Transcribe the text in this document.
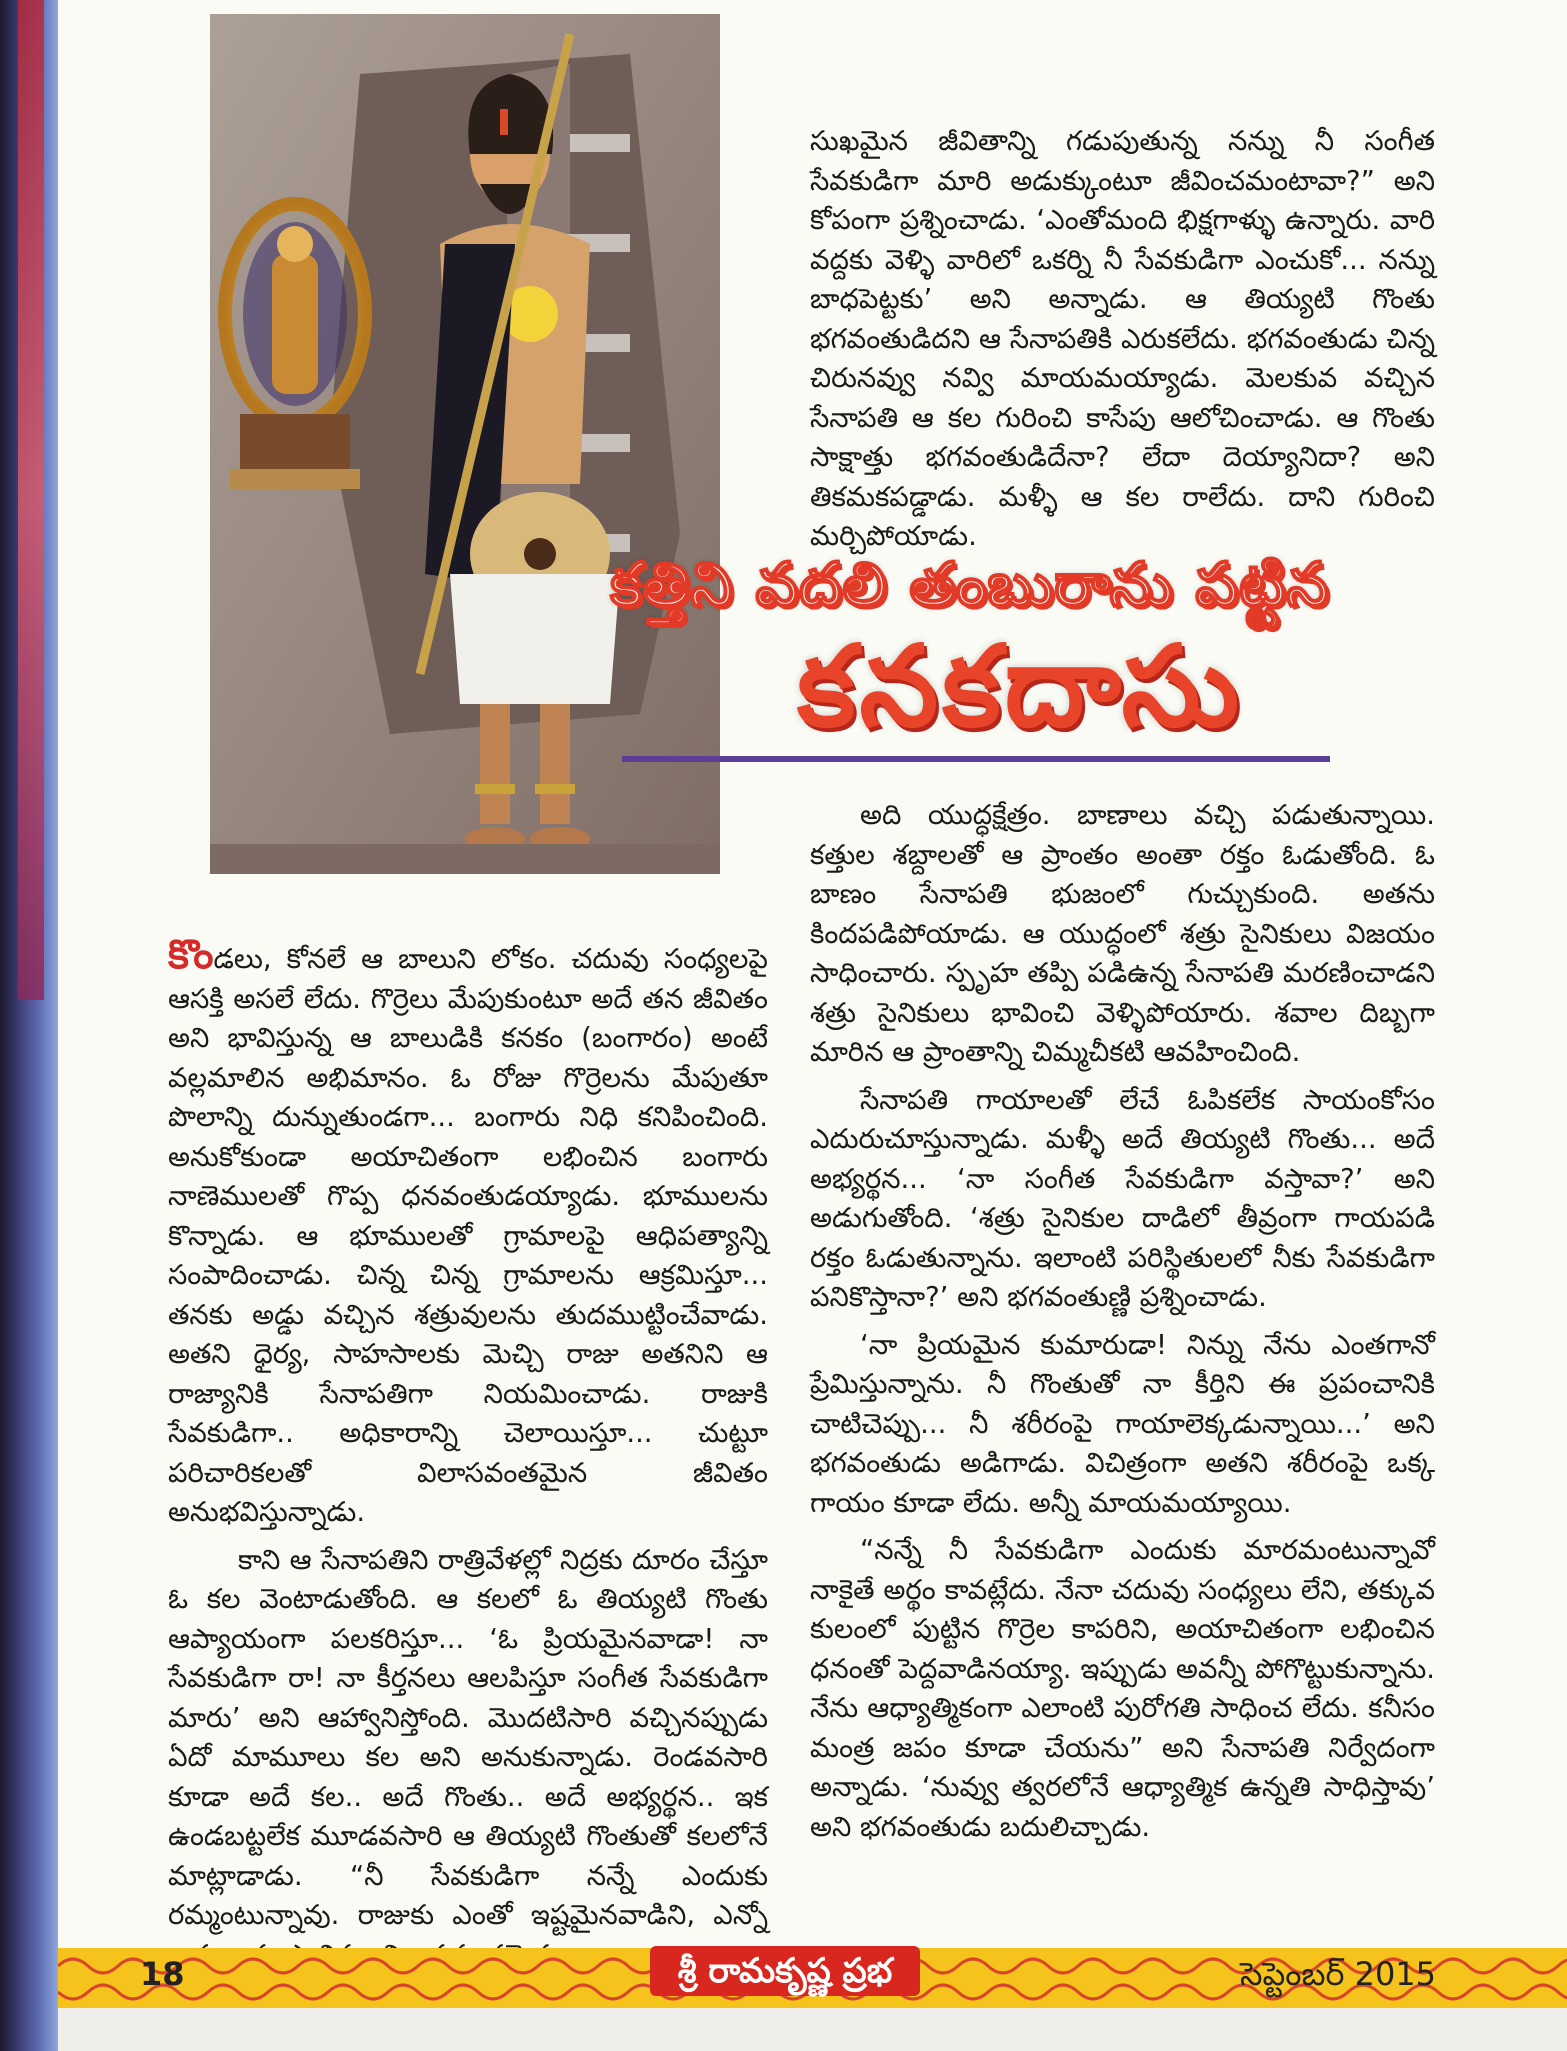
సుఖమైన జీవితాన్ని గడుపుతున్న నన్ను నీ సంగీత సేవకుడిగా మారి అడుక్కుంటూ జీవించమంటావా?” అని కోపంగా ప్రశ్నించాడు. ‘ఎంతోమంది భిక్షగాళ్ళు ఉన్నారు. వారి వద్దకు వెళ్ళి వారిలో ఒకర్ని నీ సేవకుడిగా ఎంచుకో... నన్ను బాధపెట్టకు’ అని అన్నాడు. ఆ తియ్యటి గొంతు భగవంతుడిదని ఆ సేనాపతికి ఎరుకలేదు. భగవంతుడు చిన్న చిరునవ్వు నవ్వి మాయమయ్యాడు. మెలకువ వచ్చిన సేనాపతి ఆ కల గురించి కాసేపు ఆలోచించాడు. ఆ గొంతు సాక్షాత్తు భగవంతుడిదేనా? లేదా దెయ్యానిదా? అని తికమకపడ్డాడు. మళ్ళీ ఆ కల రాలేదు. దాని గురించి మర్చిపోయాడు.

కత్తిని వదలి తంబురాను పట్టిన
కనకదాసు

కొండలు, కోనలే ఆ బాలుని లోకం. చదువు సంధ్యలపై ఆసక్తి అసలే లేదు. గొర్రెలు మేపుకుంటూ అదే తన జీవితం అని భావిస్తున్న ఆ బాలుడికి కనకం (బంగారం) అంటే వల్లమాలిన అభిమానం. ఓ రోజు గొర్రెలను మేపుతూ పొలాన్ని దున్నుతుండగా... బంగారు నిధి కనిపించింది. అనుకోకుండా అయాచితంగా లభించిన బంగారు నాణెములతో గొప్ప ధనవంతుడయ్యాడు. భూములను కొన్నాడు. ఆ భూములతో గ్రామాలపై ఆధిపత్యాన్ని సంపాదించాడు. చిన్న చిన్న గ్రామాలను ఆక్రమిస్తూ... తనకు అడ్డు వచ్చిన శత్రువులను తుదముట్టించేవాడు. అతని ధైర్య, సాహసాలకు మెచ్చి రాజు అతనిని ఆ రాజ్యానికి సేనాపతిగా నియమించాడు. రాజుకి సేవకుడిగా.. అధికారాన్ని చెలాయిస్తూ... చుట్టూ పరిచారికలతో విలాసవంతమైన జీవితం అనుభవిస్తున్నాడు.

కాని ఆ సేనాపతిని రాత్రివేళల్లో నిద్రకు దూరం చేస్తూ ఓ కల వెంటాడుతోంది. ఆ కలలో ఓ తియ్యటి గొంతు ఆప్యాయంగా పలకరిస్తూ... ‘ఓ ప్రియమైనవాడా! నా సేవకుడిగా రా! నా కీర్తనలు ఆలపిస్తూ సంగీత సేవకుడిగా మారు’ అని ఆహ్వానిస్తోంది. మొదటిసారి వచ్చినప్పుడు ఏదో మామూలు కల అని అనుకున్నాడు. రెండవసారి కూడా అదే కల.. అదే గొంతు.. అదే అభ్యర్థన.. ఇక ఉండబట్టలేక మూడవసారి ఆ తియ్యటి గొంతుతో కలలోనే మాట్లాడాడు. “నీ సేవకుడిగా నన్నే ఎందుకు రమ్మంటున్నావు. రాజుకు ఎంతో ఇష్టమైనవాడిని, ఎన్నో

అది యుద్ధక్షేత్రం. బాణాలు వచ్చి పడుతున్నాయి. కత్తుల శబ్దాలతో ఆ ప్రాంతం అంతా రక్తం ఓడుతోంది. ఓ బాణం సేనాపతి భుజంలో గుచ్చుకుంది. అతను కిందపడిపోయాడు. ఆ యుద్ధంలో శత్రు సైనికులు విజయం సాధించారు. స్పృహ తప్పి పడిఉన్న సేనాపతి మరణించాడని శత్రు సైనికులు భావించి వెళ్ళిపోయారు. శవాల దిబ్బగా మారిన ఆ ప్రాంతాన్ని చిమ్మచీకటి ఆవహించింది.

సేనాపతి గాయాలతో లేచే ఓపికలేక సాయంకోసం ఎదురుచూస్తున్నాడు. మళ్ళీ అదే తియ్యటి గొంతు... అదే అభ్యర్థన... ‘నా సంగీత సేవకుడిగా వస్తావా?’ అని అడుగుతోంది. ‘శత్రు సైనికుల దాడిలో తీవ్రంగా గాయపడి రక్తం ఓడుతున్నాను. ఇలాంటి పరిస్థితులలో నీకు సేవకుడిగా పనికొస్తానా?’ అని భగవంతుణ్ణి ప్రశ్నించాడు.

‘నా ప్రియమైన కుమారుడా! నిన్ను నేను ఎంతగానో ప్రేమిస్తున్నాను. నీ గొంతుతో నా కీర్తిని ఈ ప్రపంచానికి చాటిచెప్పు... నీ శరీరంపై గాయాలెక్కడున్నాయి...’ అని భగవంతుడు అడిగాడు. విచిత్రంగా అతని శరీరంపై ఒక్క గాయం కూడా లేదు. అన్నీ మాయమయ్యాయి.

“నన్నే నీ సేవకుడిగా ఎందుకు మారమంటున్నావో నాకైతే అర్థం కావట్లేదు. నేనా చదువు సంధ్యలు లేని, తక్కువ కులంలో పుట్టిన గొర్రెల కాపరిని, అయాచితంగా లభించిన ధనంతో పెద్దవాడినయ్యా. ఇప్పుడు అవన్నీ పోగొట్టుకున్నాను. నేను ఆధ్యాత్మికంగా ఎలాంటి పురోగతి సాధించ లేదు. కనీసం మంత్ర జపం కూడా చేయను” అని సేనాపతి నిర్వేదంగా అన్నాడు. ‘నువ్వు త్వరలోనే ఆధ్యాత్మిక ఉన్నతి సాధిస్తావు’ అని భగవంతుడు బదులిచ్చాడు.

18	శ్రీ రామకృష్ణ ప్రభ	సెప్టెంబర్ 2015
